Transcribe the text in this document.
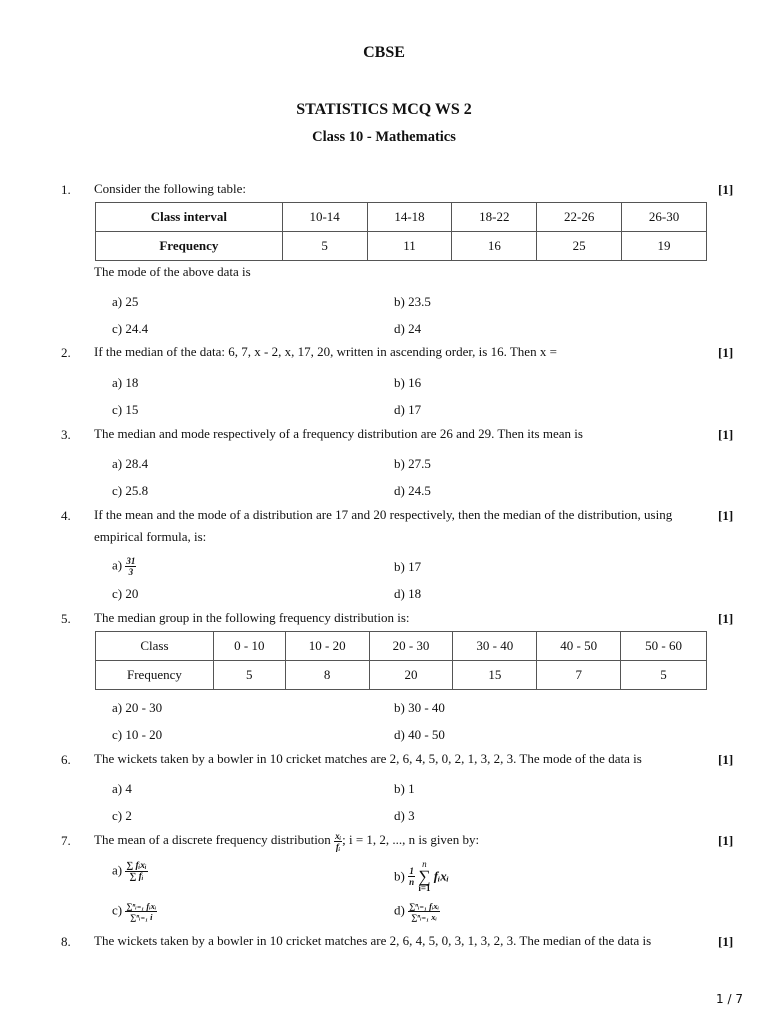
CBSE
STATISTICS MCQ WS 2
Class 10 - Mathematics
1. Consider the following table:	[1]
Class interval	10-14	14-18	18-22	22-26	26-30
Frequency	5	11	16	25	19
The mode of the above data is
a) 25	b) 23.5
c) 24.4	d) 24
2. If the median of the data: 6, 7, x - 2, x, 17, 20, written in ascending order, is 16. Then x =	[1]
a) 18	b) 16
c) 15	d) 17
3. The median and mode respectively of a frequency distribution are 26 and 29. Then its mean is	[1]
a) 28.4	b) 27.5
c) 25.8	d) 24.5
4. If the mean and the mode of a distribution are 17 and 20 respectively, then the median of the distribution, using empirical formula, is:
[1]
$a) \frac{31}{3}$	b) 17
c) 20	d) 18
5. The median group in the following frequency distribution is:	[1]
Class	0 - 10	10 - 20	20 - 30	30 - 40	40 - 50	50 - 60
Frequency	5	8	20	15	7	5
a) 20 - 30	b) 30 - 40
c) 10 - 20	d) 40 - 50
6. The wickets taken by a bowler in 10 cricket matches are 2, 6, 4, 5, 0, 2, 1, 3, 2, 3. The mode of the data is	[1]
a) 4	b) 1
c) 2	d) 3
7. The mean of a discrete frequency distribution $\frac{\text{xᵢ}}{\text{fᵢ}}$ ; i = 1, 2, ..., n is given by:	[1]
$a) \frac{\text{∑ fᵢxᵢ}}{\text{∑ fᵢ}}$	$b) \frac{1}{n}$
n
∑
i=1 fᵢxᵢ
$c) \frac{\text{∑ⁿᵢ₌₁ fᵢxᵢ}}{\text{∑ⁿᵢ₌₁ i}}$	$d) \frac{\text{∑ⁿᵢ₌₁ fᵢxᵢ}}{\text{∑ⁿᵢ₌₁ xᵢ}}$
8. The wickets taken by a bowler in 10 cricket matches are 2, 6, 4, 5, 0, 3, 1, 3, 2, 3. The median of the data is	[1]
1 / 7
